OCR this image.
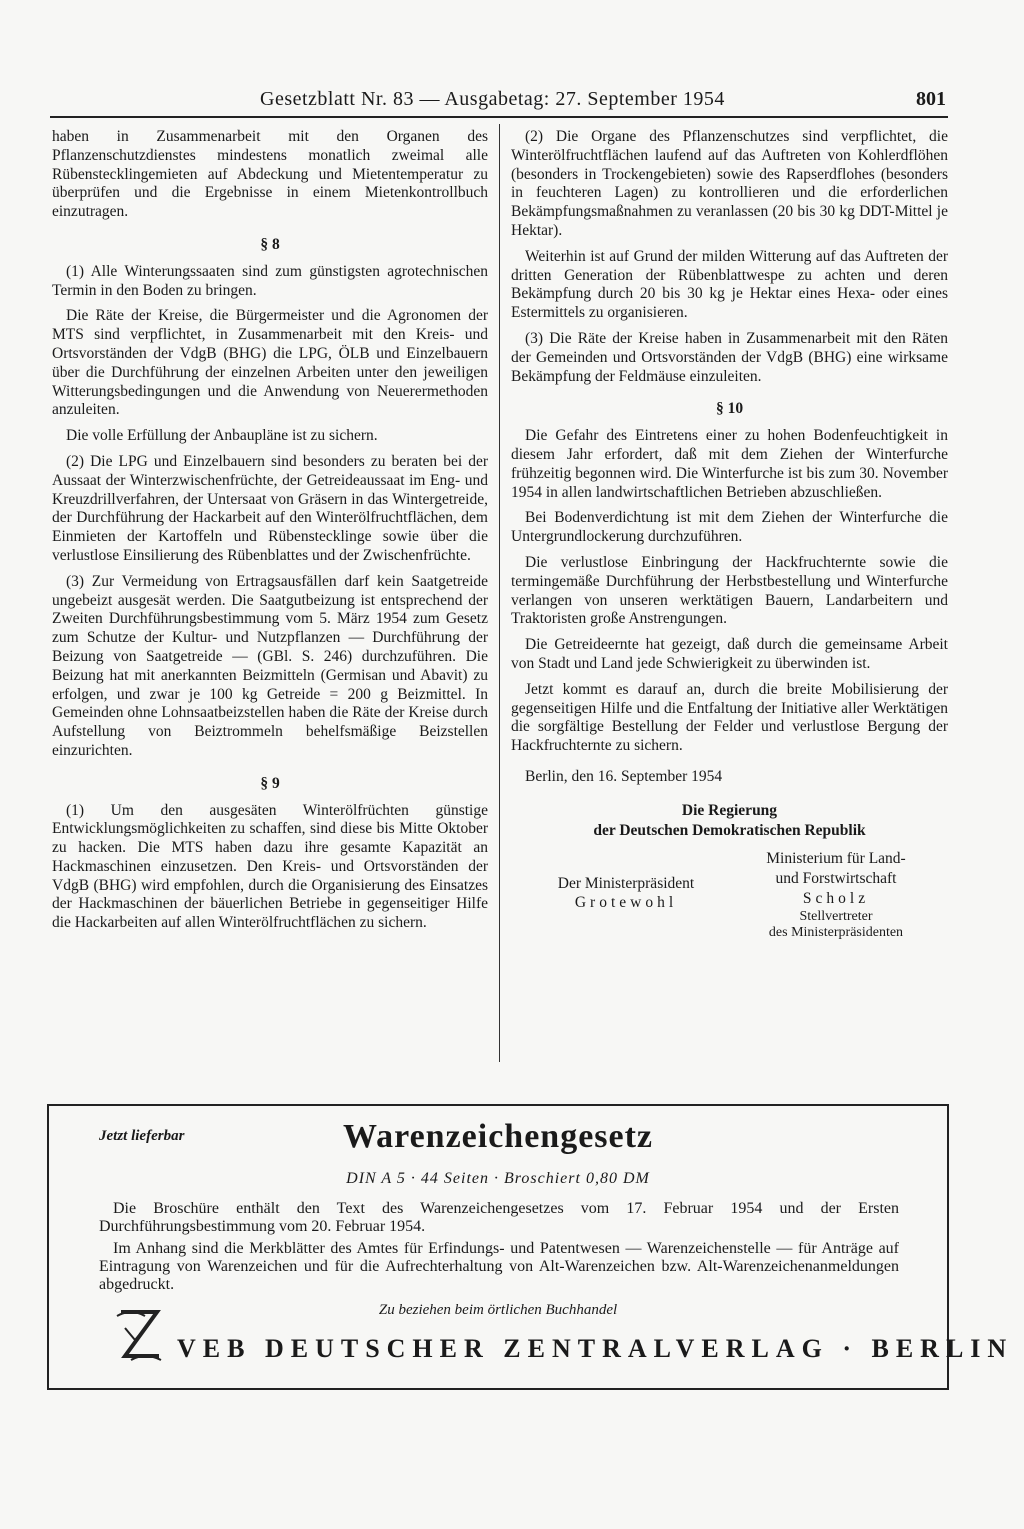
Gesetzblatt Nr. 83 — Ausgabetag: 27. September 1954	801

haben in Zusammenarbeit mit den Organen des Pflanzenschutzdienstes mindestens monatlich zweimal alle Rübenstecklingemieten auf Abdeckung und Mietentemperatur zu überprüfen und die Ergebnisse in einem Mietenkontrollbuch einzutragen.

§ 8

(1) Alle Winterungssaaten sind zum günstigsten agrotechnischen Termin in den Boden zu bringen.

Die Räte der Kreise, die Bürgermeister und die Agronomen der MTS sind verpflichtet, in Zusammenarbeit mit den Kreis- und Ortsvorständen der VdgB (BHG) die LPG, ÖLB und Einzelbauern über die Durchführung der einzelnen Arbeiten unter den jeweiligen Witterungsbedingungen und die Anwendung von Neuerermethoden anzuleiten.

Die volle Erfüllung der Anbaupläne ist zu sichern.

(2) Die LPG und Einzelbauern sind besonders zu beraten bei der Aussaat der Winterzwischenfrüchte, der Getreideaussaat im Eng- und Kreuzdrillverfahren, der Untersaat von Gräsern in das Wintergetreide, der Durchführung der Hackarbeit auf den Winterölfruchtflächen, dem Einmieten der Kartoffeln und Rübenstecklinge sowie über die verlustlose Einsilierung des Rübenblattes und der Zwischenfrüchte.

(3) Zur Vermeidung von Ertragsausfällen darf kein Saatgetreide ungebeizt ausgesät werden. Die Saatgutbeizung ist entsprechend der Zweiten Durchführungsbestimmung vom 5. März 1954 zum Gesetz zum Schutze der Kultur- und Nutzpflanzen — Durchführung der Beizung von Saatgetreide — (GBl. S. 246) durchzuführen. Die Beizung hat mit anerkannten Beizmitteln (Germisan und Abavit) zu erfolgen, und zwar je 100 kg Getreide = 200 g Beizmittel. In Gemeinden ohne Lohnsaatbeizstellen haben die Räte der Kreise durch Aufstellung von Beiztrommeln behelfsmäßige Beizstellen einzurichten.

§ 9

(1) Um den ausgesäten Winterölfrüchten günstige Entwicklungsmöglichkeiten zu schaffen, sind diese bis Mitte Oktober zu hacken. Die MTS haben dazu ihre gesamte Kapazität an Hackmaschinen einzusetzen. Den Kreis- und Ortsvorständen der VdgB (BHG) wird empfohlen, durch die Organisierung des Einsatzes der Hackmaschinen der bäuerlichen Betriebe in gegenseitiger Hilfe die Hackarbeiten auf allen Winterölfruchtflächen zu sichern.

(2) Die Organe des Pflanzenschutzes sind verpflichtet, die Winterölfruchtflächen laufend auf das Auftreten von Kohlerdflöhen (besonders in Trockengebieten) sowie des Rapserdflohes (besonders in feuchteren Lagen) zu kontrollieren und die erforderlichen Bekämpfungsmaßnahmen zu veranlassen (20 bis 30 kg DDT-Mittel je Hektar).

Weiterhin ist auf Grund der milden Witterung auf das Auftreten der dritten Generation der Rübenblattwespe zu achten und deren Bekämpfung durch 20 bis 30 kg je Hektar eines Hexa- oder eines Estermittels zu organisieren.

(3) Die Räte der Kreise haben in Zusammenarbeit mit den Räten der Gemeinden und Ortsvorständen der VdgB (BHG) eine wirksame Bekämpfung der Feldmäuse einzuleiten.

§ 10

Die Gefahr des Eintretens einer zu hohen Bodenfeuchtigkeit in diesem Jahr erfordert, daß mit dem Ziehen der Winterfurche frühzeitig begonnen wird. Die Winterfurche ist bis zum 30. November 1954 in allen landwirtschaftlichen Betrieben abzuschließen.

Bei Bodenverdichtung ist mit dem Ziehen der Winterfurche die Untergrundlockerung durchzuführen.

Die verlustlose Einbringung der Hackfruchternte sowie die termingemäße Durchführung der Herbstbestellung und Winterfurche verlangen von unseren werktätigen Bauern, Landarbeitern und Traktoristen große Anstrengungen.

Die Getreideernte hat gezeigt, daß durch die gemeinsame Arbeit von Stadt und Land jede Schwierigkeit zu überwinden ist.

Jetzt kommt es darauf an, durch die breite Mobilisierung der gegenseitigen Hilfe und die Entfaltung der Initiative aller Werktätigen die sorgfältige Bestellung der Felder und verlustlose Bergung der Hackfruchternte zu sichern.

Berlin, den 16. September 1954
Die Regierung
der Deutschen Demokratischen Republik
Der Ministerpräsident
Grotewohl
Ministerium für Land-
und Forstwirtschaft
Scholz
Stellvertreter
des Ministerpräsidenten
Jetzt lieferbar	Warenzeichengesetz
DIN A 5 · 44 Seiten · Broschiert 0,80 DM
Die Broschüre enthält den Text des Warenzeichengesetzes vom 17. Februar 1954 und der Ersten Durchführungsbestimmung vom 20. Februar 1954.
Im Anhang sind die Merkblätter des Amtes für Erfindungs- und Patentwesen — Warenzeichenstelle — für Anträge auf Eintragung von Warenzeichen und für die Aufrechterhaltung von Alt-Warenzeichen bzw. Alt-Warenzeichenanmeldungen abgedruckt.
Zu beziehen beim örtlichen Buchhandel
VEB DEUTSCHER ZENTRALVERLAG · BERLIN
